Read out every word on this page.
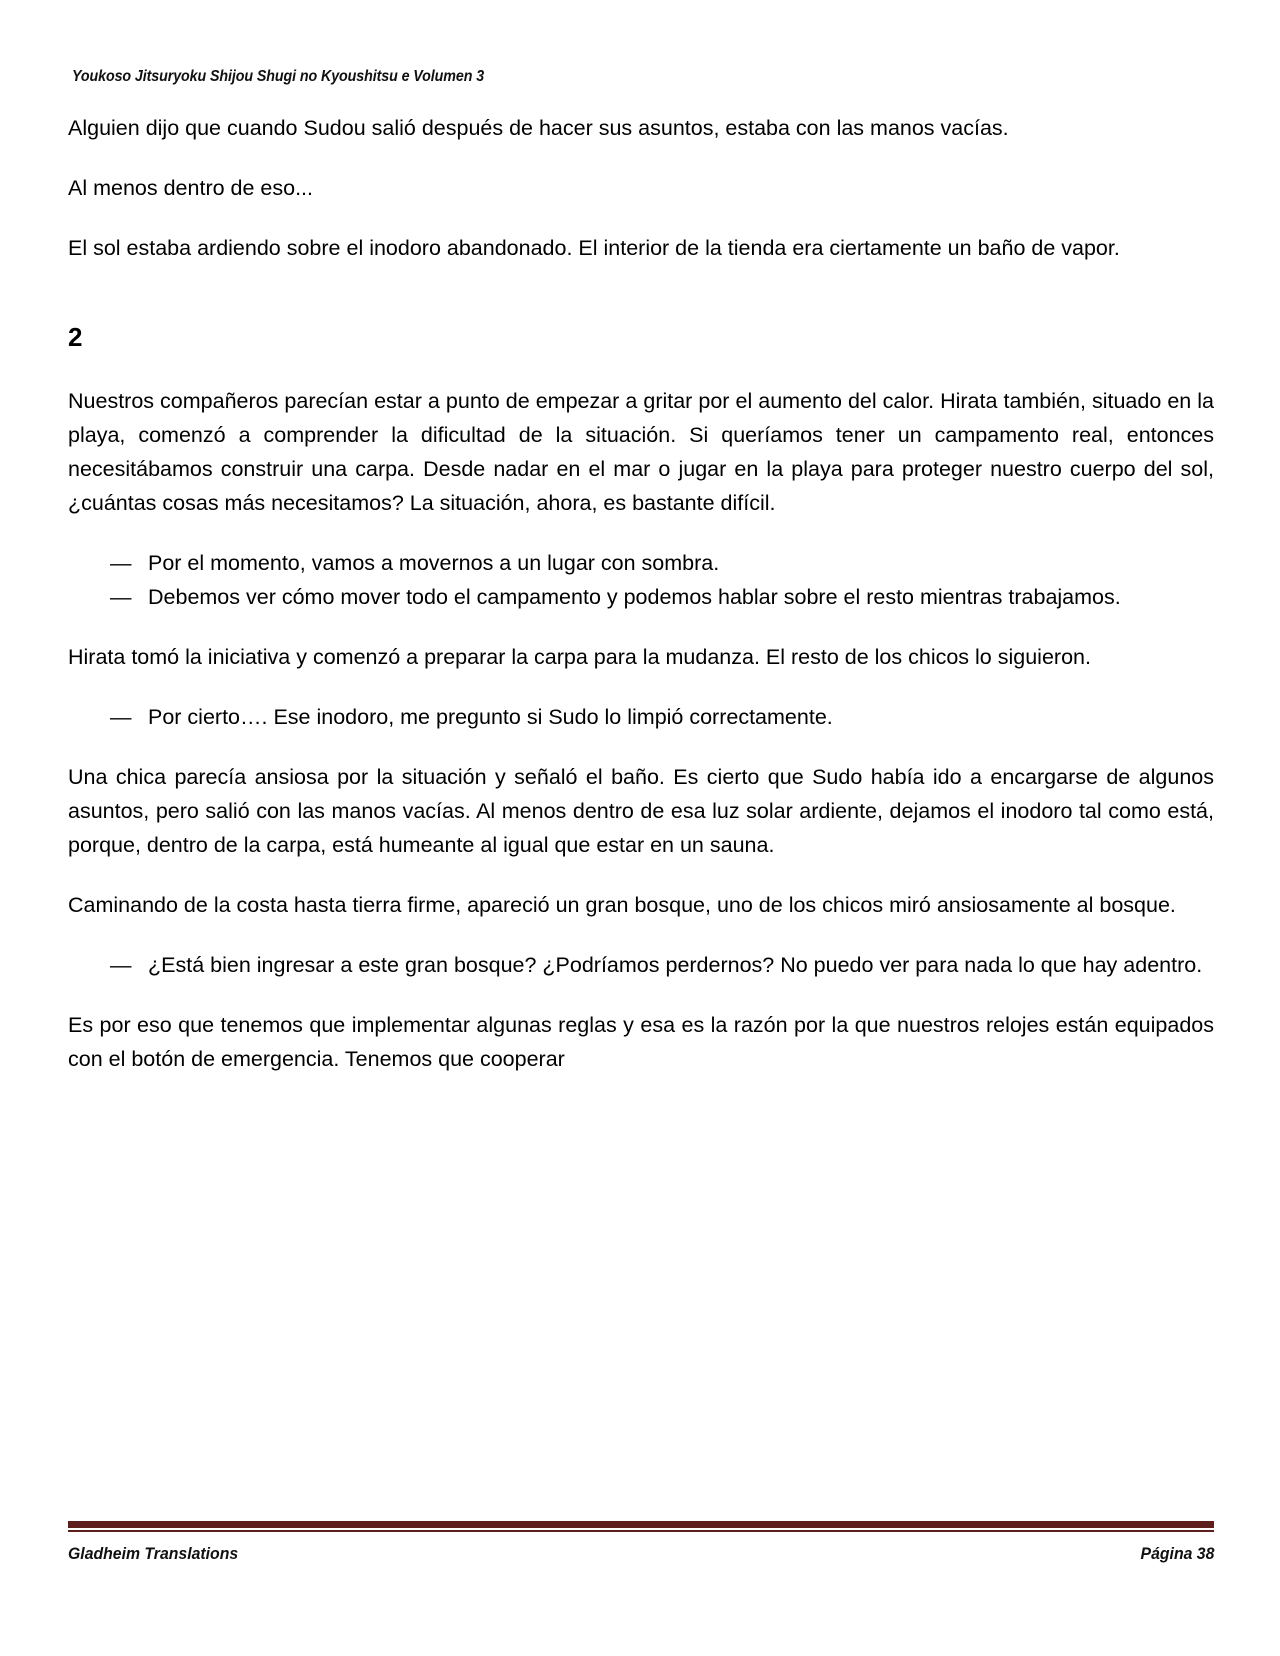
Youkoso Jitsuryoku Shijou Shugi no Kyoushitsu e Volumen 3

Alguien dijo que cuando Sudou salió después de hacer sus asuntos, estaba con las manos vacías.

Al menos dentro de eso...

El sol estaba ardiendo sobre el inodoro abandonado. El interior de la tienda era ciertamente un baño de vapor.

2

Nuestros compañeros parecían estar a punto de empezar a gritar por el aumento del calor. Hirata también, situado en la playa, comenzó a comprender la dificultad de la situación. Si queríamos tener un campamento real, entonces necesitábamos construir una carpa. Desde nadar en el mar o jugar en la playa para proteger nuestro cuerpo del sol, ¿cuántas cosas más necesitamos? La situación, ahora, es bastante difícil.

— Por el momento, vamos a movernos a un lugar con sombra.

— Debemos ver cómo mover todo el campamento y podemos hablar sobre el resto mientras trabajamos.

Hirata tomó la iniciativa y comenzó a preparar la carpa para la mudanza. El resto de los chicos lo siguieron.

— Por cierto…. Ese inodoro, me pregunto si Sudo lo limpió correctamente.

Una chica parecía ansiosa por la situación y señaló el baño. Es cierto que Sudo había ido a encargarse de algunos asuntos, pero salió con las manos vacías. Al menos dentro de esa luz solar ardiente, dejamos el inodoro tal como está, porque, dentro de la carpa, está humeante al igual que estar en un sauna.

Caminando de la costa hasta tierra firme, apareció un gran bosque, uno de los chicos miró ansiosamente al bosque.

— ¿Está bien ingresar a este gran bosque? ¿Podríamos perdernos? No puedo ver para nada lo que hay adentro.

Es por eso que tenemos que implementar algunas reglas y esa es la razón por la que nuestros relojes están equipados con el botón de emergencia. Tenemos que cooperar

Gladheim Translations	Página 38
